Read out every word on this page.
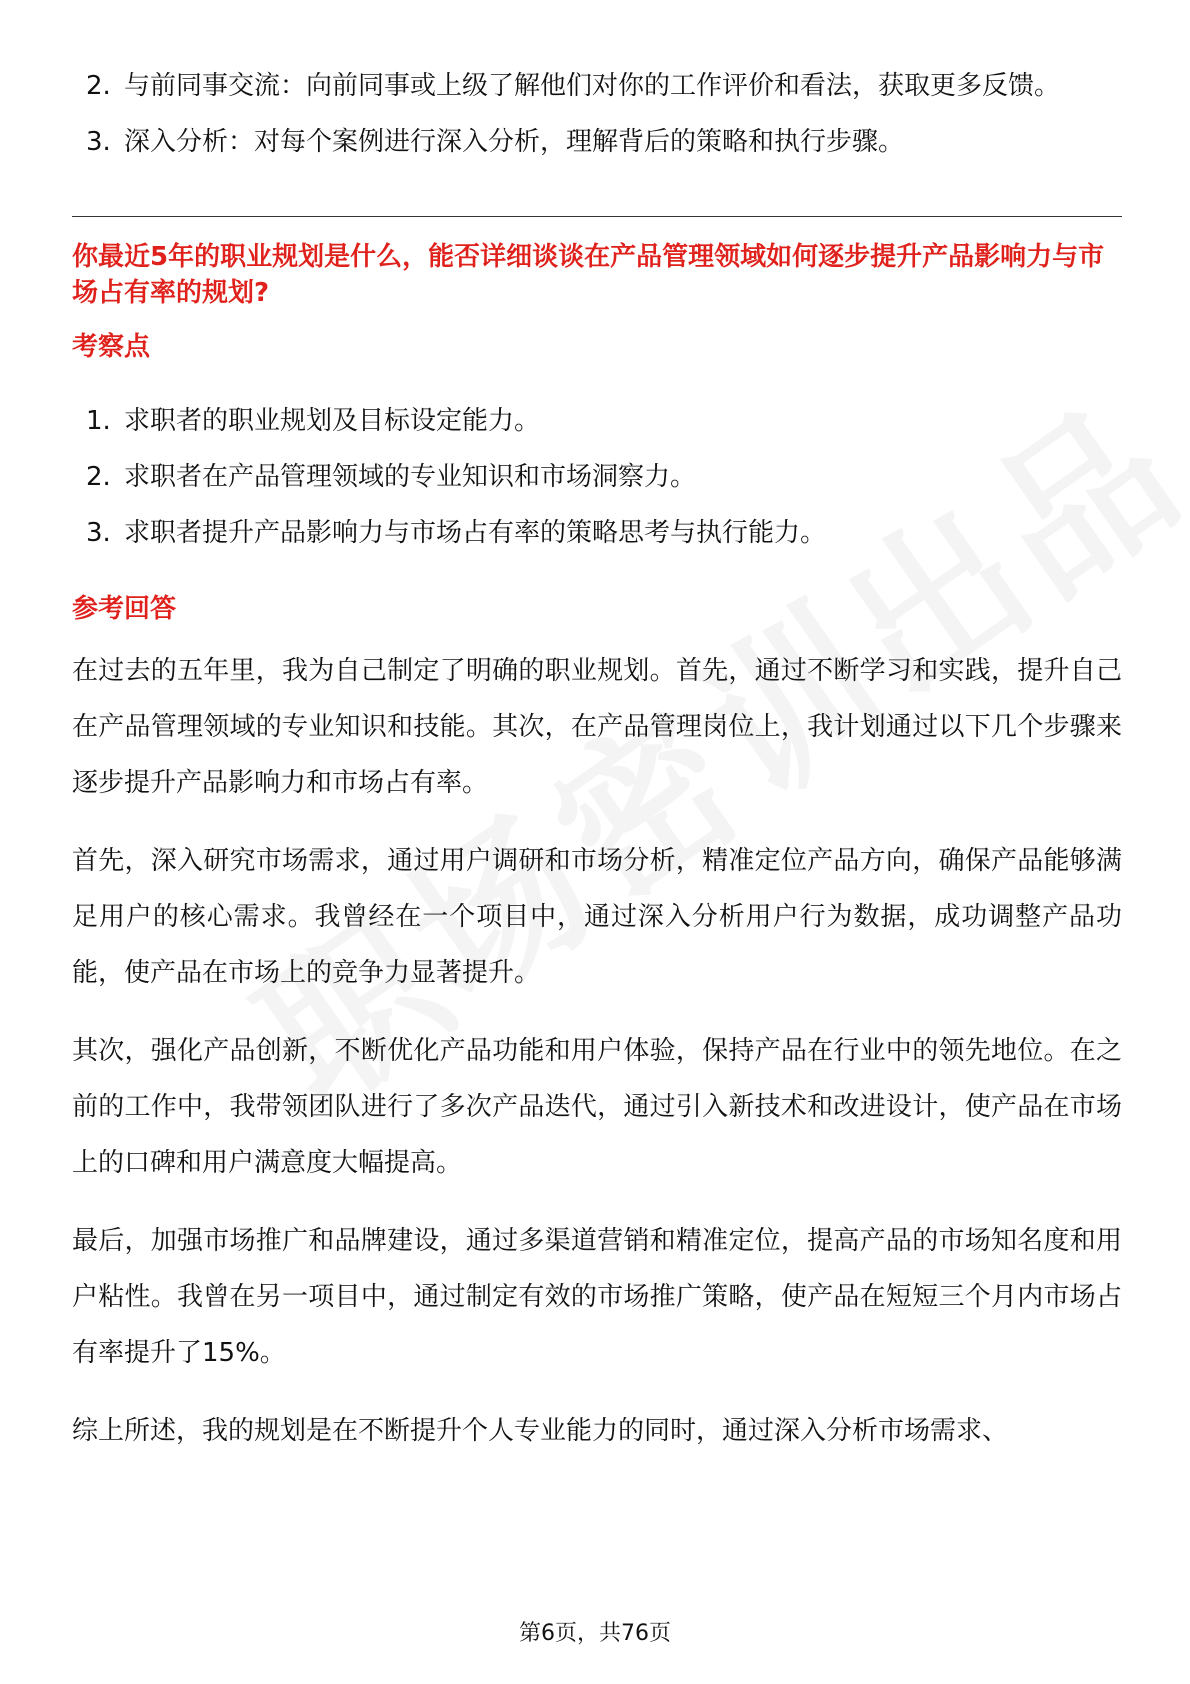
2. 与前同事交流：向前同事或上级了解他们对你的工作评价和看法，获取更多反馈。
3. 深入分析：对每个案例进行深入分析，理解背后的策略和执行步骤。
你最近5年的职业规划是什么，能否详细谈谈在产品管理领域如何逐步提升产品影响力与市场占有率的规划?
考察点
1. 求职者的职业规划及目标设定能力。
2. 求职者在产品管理领域的专业知识和市场洞察力。
3. 求职者提升产品影响力与市场占有率的策略思考与执行能力。
参考回答

在过去的五年里，我为自己制定了明确的职业规划。首先，通过不断学习和实践，提升自己在产品管理领域的专业知识和技能。其次，在产品管理岗位上，我计划通过以下几个步骤来逐步提升产品影响力和市场占有率。

首先，深入研究市场需求，通过用户调研和市场分析，精准定位产品方向，确保产品能够满足用户的核心需求。我曾经在一个项目中，通过深入分析用户行为数据，成功调整产品功能，使产品在市场上的竞争力显著提升。

其次，强化产品创新，不断优化产品功能和用户体验，保持产品在行业中的领先地位。在之前的工作中，我带领团队进行了多次产品迭代，通过引入新技术和改进设计，使产品在市场上的口碑和用户满意度大幅提高。

最后，加强市场推广和品牌建设，通过多渠道营销和精准定位，提高产品的市场知名度和用户粘性。我曾在另一项目中，通过制定有效的市场推广策略，使产品在短短三个月内市场占有率提升了15%。

综上所述，我的规划是在不断提升个人专业能力的同时，通过深入分析市场需求、

第6页，共76页
